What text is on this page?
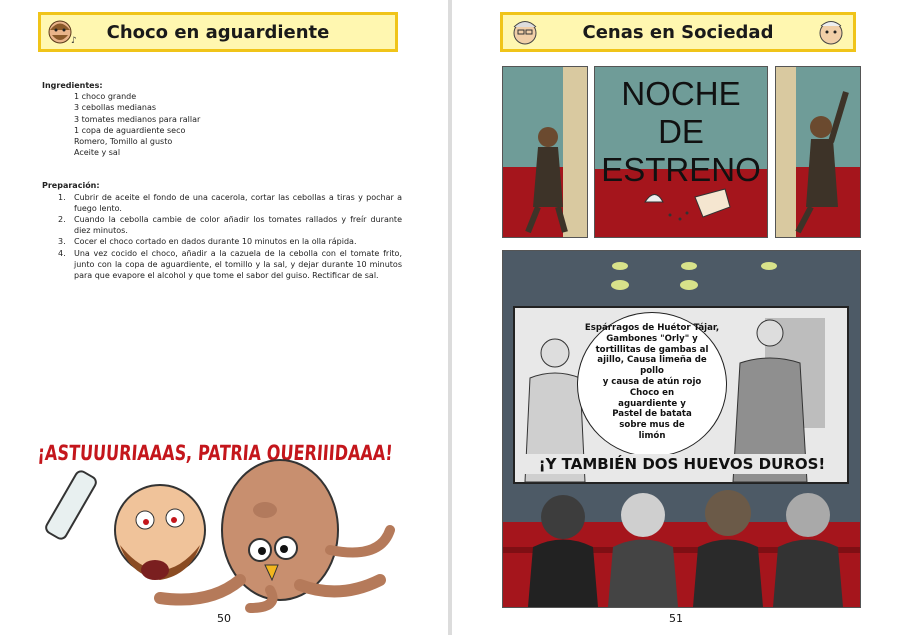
♪ Choco en aguardiente
Ingredientes:
1 choco grande
3 cebollas medianas
3 tomates medianos para rallar
1 copa de aguardiente seco
Romero, Tomillo al gusto
Aceite y sal
Preparación:
1. Cubrir de aceite el fondo de una cacerola, cortar las cebollas a tiras y pochar a fuego lento.
2. Cuando la cebolla cambie de color añadir los tomates rallados y freír durante diez minutos.
3. Cocer el choco cortado en dados durante 10 minutos en la olla rápida.
4. Una vez cocido el choco, añadir a la cazuela de la cebolla con el tomate frito, junto con la copa de aguardiente, el tomillo y la sal, y dejar durante 10 minutos para que evapore el alcohol y que tome el sabor del guiso. Rectificar de sal.
¡ASTUUURIAAAS, PATRIA QUERIIIDAAA!
50
Cenas en Sociedad
NOCHE DE
ESTRENO
Espárragos de Huétor Tájar,
Gambones "Orly" y
tortillitas de gambas al
ajillo, Causa limeña de pollo
y causa de atún rojo
Choco en
aguardiente y
Pastel de batata
sobre mus de
limón
¡Y TAMBIÉN DOS HUEVOS DUROS!
51
